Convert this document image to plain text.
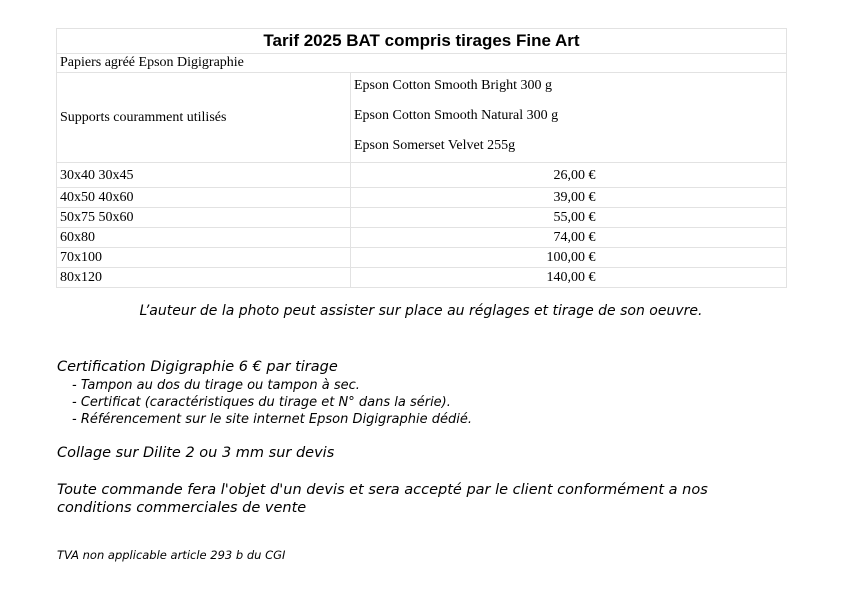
Tarif 2025 BAT compris tirages Fine Art	
Papiers agréé Epson Digigraphie	
Supports couramment utilisés	Epson Cotton Smooth Bright 300 g
Epson Cotton Smooth Natural 300 g
Epson Somerset Velvet 255g

30x40 30x45	26,00 €
40x50 40x60	39,00 €
50x75 50x60	55,00 €
60x80	74,00 €
70x100	100,00 €
80x120	140,00 €
L’auteur de la photo peut assister sur place au réglages et tirage de son oeuvre.
Certification Digigraphie 6 € par tirage
- Tampon au dos du tirage ou tampon à sec.
- Certificat (caractéristiques du tirage et N° dans la série).
- Référencement sur le site internet Epson Digigraphie dédié.
Collage sur Dilite 2 ou 3 mm sur devis
Toute commande fera l'objet d'un devis et sera accepté par le client conformément a nos conditions commerciales de vente
TVA non applicable article 293 b du CGI
